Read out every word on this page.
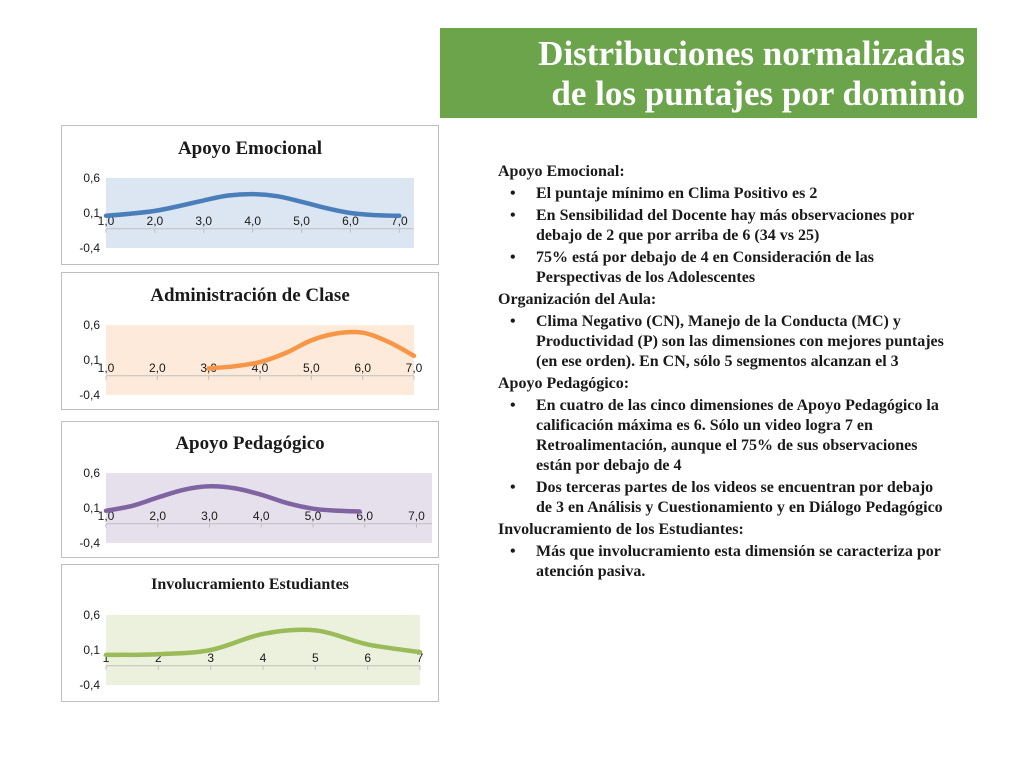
Distribuciones normalizadas
de los puntajes por dominio
Apoyo Emocional
0,6
0,1
-0,4
1,0	2,0	3,0	4,0	5,0	6,0	7,0
Administración de Clase
0,6
0,1
-0,4
1,0	2,0	3,0	4,0	5,0	6,0	7,0
Apoyo Pedagógico
0,6
0,1
-0,4
1,0	2,0	3,0	4,0	5,0	6,0	7,0
Involucramiento Estudiantes
0,6
0,1
-0,4
1	2	3	4	5	6	7
Apoyo Emocional:
• El puntaje mínimo en Clima Positivo es 2
• En Sensibilidad del Docente hay más observaciones por debajo de 2 que por arriba de 6 (34 vs 25)
• 75% está por debajo de 4 en Consideración de las Perspectivas de los Adolescentes
Organización del Aula:
• Clima Negativo (CN), Manejo de la Conducta (MC) y Productividad (P) son las dimensiones con mejores puntajes (en ese orden). En CN, sólo 5 segmentos alcanzan el 3
Apoyo Pedagógico:
• En cuatro de las cinco dimensiones de Apoyo Pedagógico la calificación máxima es 6. Sólo un video logra 7 en Retroalimentación, aunque el 75% de sus observaciones están por debajo de 4
• Dos terceras partes de los videos se encuentran por debajo de 3 en Análisis y Cuestionamiento y en Diálogo Pedagógico
Involucramiento de los Estudiantes:
• Más que involucramiento esta dimensión se caracteriza por atención pasiva.
